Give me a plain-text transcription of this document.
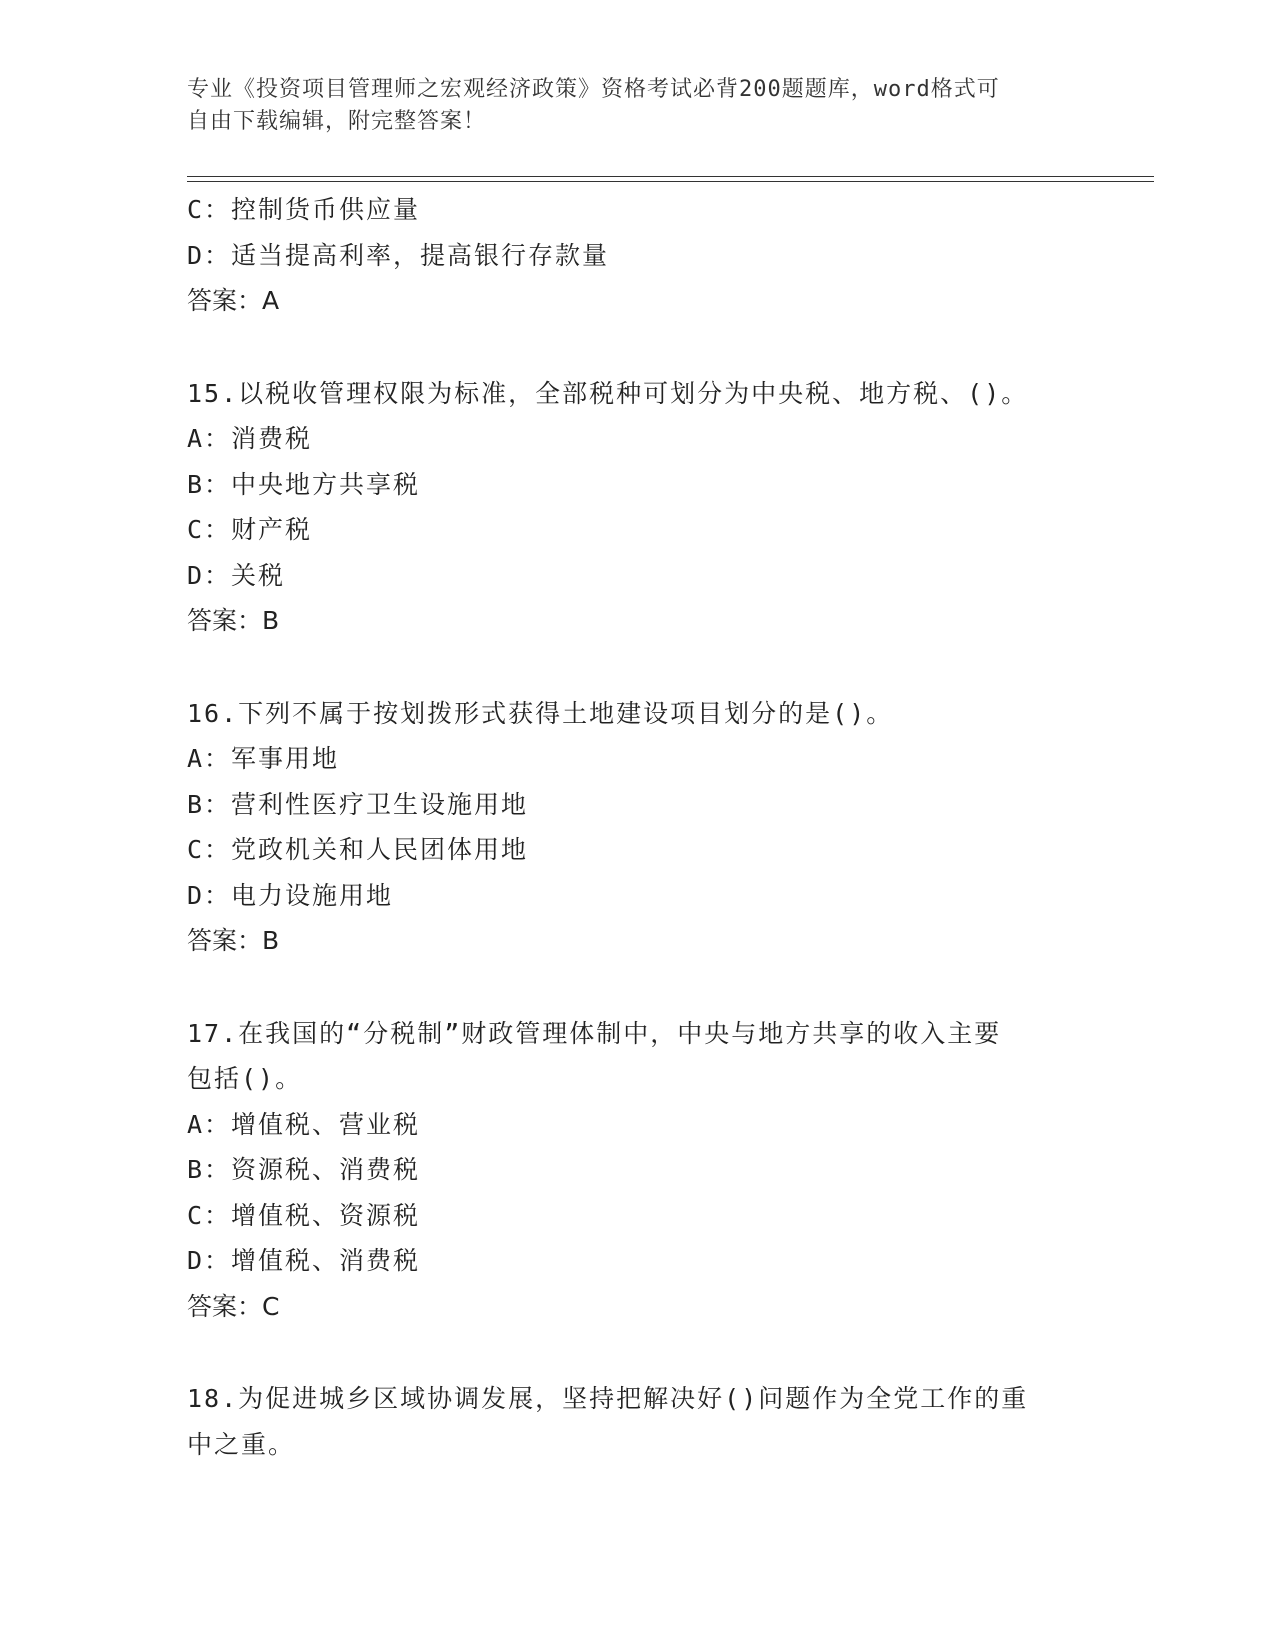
专业《投资项目管理师之宏观经济政策》资格考试必背200题题库，word格式可
自由下载编辑，附完整答案！
C：控制货币供应量
D：适当提高利率，提高银行存款量
答案：A
15.以税收管理权限为标准，全部税种可划分为中央税、地方税、()。
A：消费税
B：中央地方共享税
C：财产税
D：关税
答案：B
16.下列不属于按划拨形式获得土地建设项目划分的是()。
A：军事用地
B：营利性医疗卫生设施用地
C：党政机关和人民团体用地
D：电力设施用地
答案：B
17.在我国的“分税制”财政管理体制中，中央与地方共享的收入主要
包括()。
A：增值税、营业税
B：资源税、消费税
C：增值税、资源税
D：增值税、消费税
答案：C
18.为促进城乡区域协调发展，坚持把解决好()问题作为全党工作的重
中之重。
